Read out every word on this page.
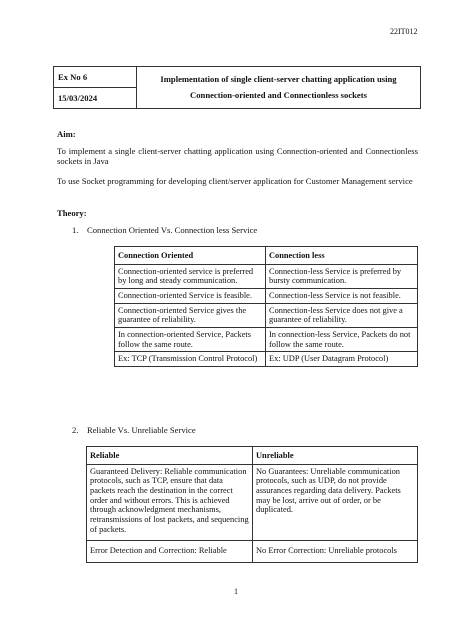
22IT012
Ex No 6	Implementation of single client-server chatting application using
Connection-oriented and Connectionless sockets

15/03/2024
Aim:

To implement a single client-server chatting application using Connection-oriented and Connectionless sockets in Java

To use Socket programming for developing client/server application for Customer Management service

Theory:
1. Connection Oriented Vs. Connection less Service
Connection Oriented	Connection less
Connection-oriented service is preferred by long and steady communication.	Connection-less Service is preferred by bursty communication.
Connection-oriented Service is feasible.	Connection-less Service is not feasible.
Connection-oriented Service gives the guarantee of reliability.	Connection-less Service does not give a guarantee of reliability.
In connection-oriented Service, Packets follow the same route.	In connection-less Service, Packets do not follow the same route.
Ex: TCP (Transmission Control Protocol)	Ex: UDP (User Datagram Protocol)
2. Reliable Vs. Unreliable Service
Reliable	Unreliable
Guaranteed Delivery: Reliable communication protocols, such as TCP, ensure that data packets reach the destination in the correct order and without errors. This is achieved through acknowledgment mechanisms, retransmissions of lost packets, and sequencing of packets.	No Guarantees: Unreliable communication protocols, such as UDP, do not provide assurances regarding data delivery. Packets may be lost, arrive out of order, or be duplicated.
Error Detection and Correction: Reliable	No Error Correction: Unreliable protocols
1
